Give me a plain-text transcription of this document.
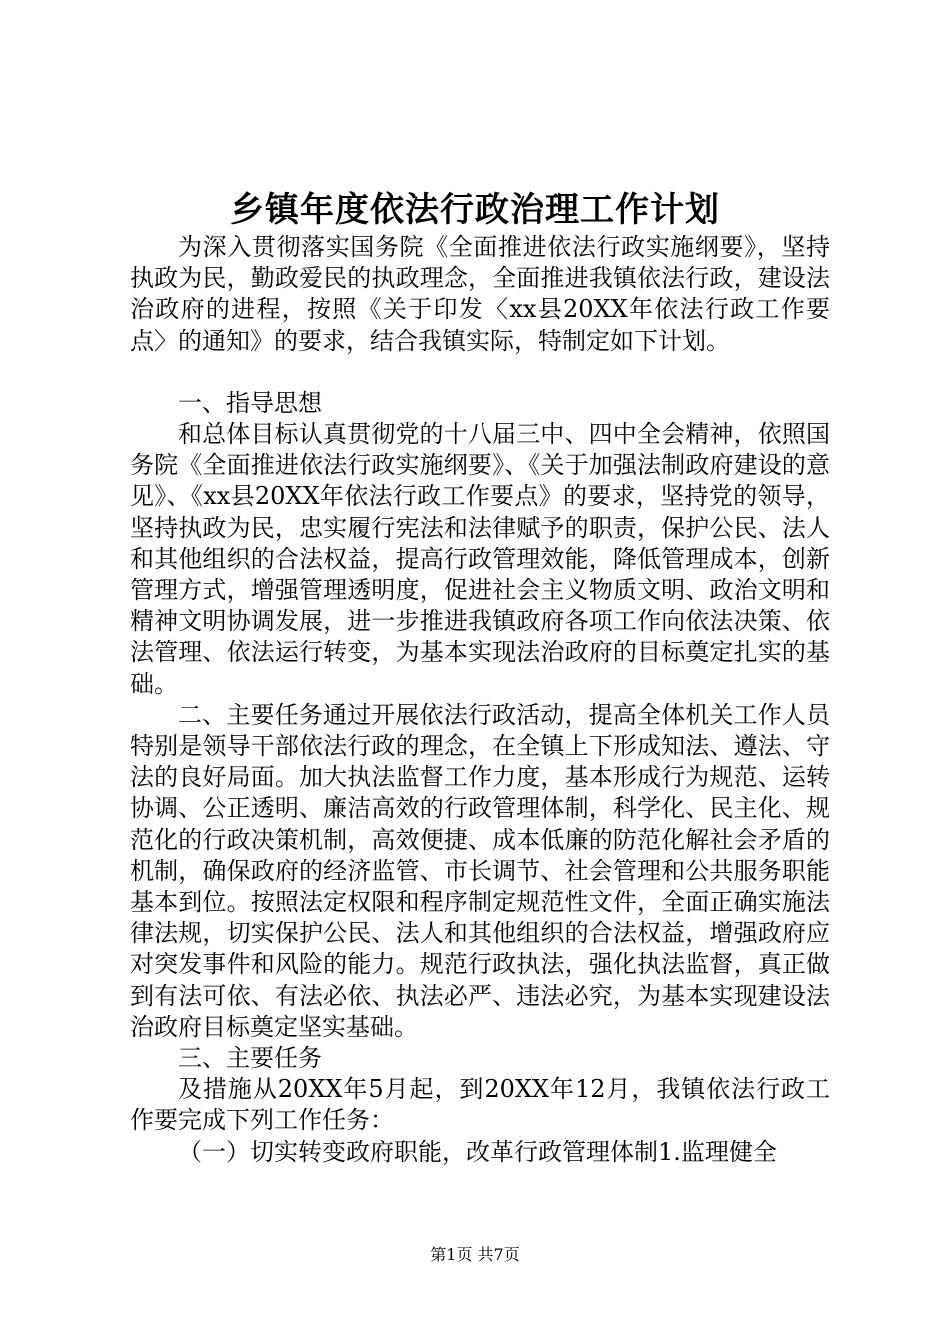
乡镇年度依法行政治理工作计划

为深入贯彻落实国务院《全面推进依法行政实施纲要》，坚持执政为民，勤政爱民的执政理念，全面推进我镇依法行政，建设法治政府的进程，按照《关于印发〈xx县20XX年依法行政工作要点〉的通知》的要求，结合我镇实际，特制定如下计划。

一、指导思想

和总体目标认真贯彻党的十八届三中、四中全会精神，依照国务院《全面推进依法行政实施纲要》、《关于加强法制政府建设的意见》、《xx县20XX年依法行政工作要点》的要求，坚持党的领导，坚持执政为民，忠实履行宪法和法律赋予的职责，保护公民、法人和其他组织的合法权益，提高行政管理效能，降低管理成本，创新管理方式，增强管理透明度，促进社会主义物质文明、政治文明和精神文明协调发展，进一步推进我镇政府各项工作向依法决策、依法管理、依法运行转变，为基本实现法治政府的目标奠定扎实的基础。

二、主要任务通过开展依法行政活动，提高全体机关工作人员特别是领导干部依法行政的理念，在全镇上下形成知法、遵法、守法的良好局面。加大执法监督工作力度，基本形成行为规范、运转协调、公正透明、廉洁高效的行政管理体制，科学化、民主化、规范化的行政决策机制，高效便捷、成本低廉的防范化解社会矛盾的机制，确保政府的经济监管、市长调节、社会管理和公共服务职能基本到位。按照法定权限和程序制定规范性文件，全面正确实施法律法规，切实保护公民、法人和其他组织的合法权益，增强政府应对突发事件和风险的能力。规范行政执法，强化执法监督，真正做到有法可依、有法必依、执法必严、违法必究，为基本实现建设法治政府目标奠定坚实基础。

三、主要任务

及措施从20XX年5月起，到20XX年12月，我镇依法行政工作要完成下列工作任务：

（一）切实转变政府职能，改革行政管理体制1.监理健全

第1页 共7页
